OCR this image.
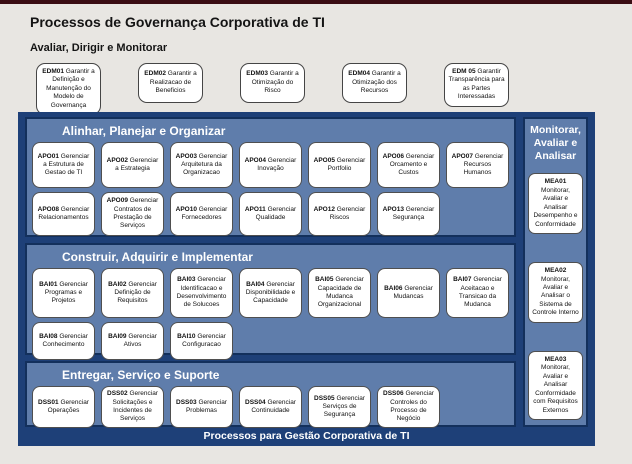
Processos de Governança Corporativa de TI
Avaliar, Dirigir e Monitorar
EDM01 Garantir a Definição e Manutenção do Modelo de Governança
EDM02 Garantir a Realizacao de Beneficios
EDM03 Garantir a Otimização do Risco
EDM04 Garantir a Otimização dos Recursos
EDM 05 Garantir Transparência para as Partes Interessadas
Alinhar, Planejar e Organizar
APO01 Gerenciar a Estrutura de Gestao de TI
APO02 Gerenciar a Estrategia
APO03 Gerenciar Arquitetura da Organizacao
APO04 Gerenciar Inovação
APO05 Gerenciar Portfolio
APO06 Gerenciar Orcamento e Custos
APO07 Gerenciar Recursos Humanos
APO08 Gerenciar Relacionamentos
APO09 Gerenciar Contratos de Prestação de Serviços
APO10 Gerenciar Fornecedores
APO11 Gerenciar Qualidade
APO12 Gerenciar Riscos
APO13 Gerenciar Segurança
Construir, Adquirir e Implementar
BAI01 Gerenciar Programas e Projetos
BAI02 Gerenciar Definição de Requisitos
BAI03 Gerenciar Identificacao e Desenvolvimento de Solucoes
BAI04 Gerenciar Disponibilidade e Capacidade
BAI05 Gerenciar Capacidade de Mudanca Organizacional
BAI06 Gerenciar Mudancas
BAI07 Gerenciar Aceitacao e Transicao da Mudanca
BAI08 Gerenciar Conhecimento
BAI09 Gerenciar Ativos
BAI10 Gerenciar Configuracao
Entregar, Serviço e Suporte
DSS01 Gerenciar Operações
DSS02 Gerenciar Solicitações e Incidentes de Serviços
DSS03 Gerenciar Problemas
DSS04 Gerenciar Continuidade
DSS05 Gerenciar Serviços de Segurança
DSS06 Gerenciar Controles do Processo de Negócio
Monitorar, Avaliar e Analisar
MEA01 Monitorar, Avaliar e Analisar Desempenho e Conformidade
MEA02 Monitorar, Avaliar e Analisar o Sistema de Controle Interno
MEA03 Monitorar, Avaliar e Analisar Conformidade com Requisitos Externos
Processos para Gestão Corporativa de TI
